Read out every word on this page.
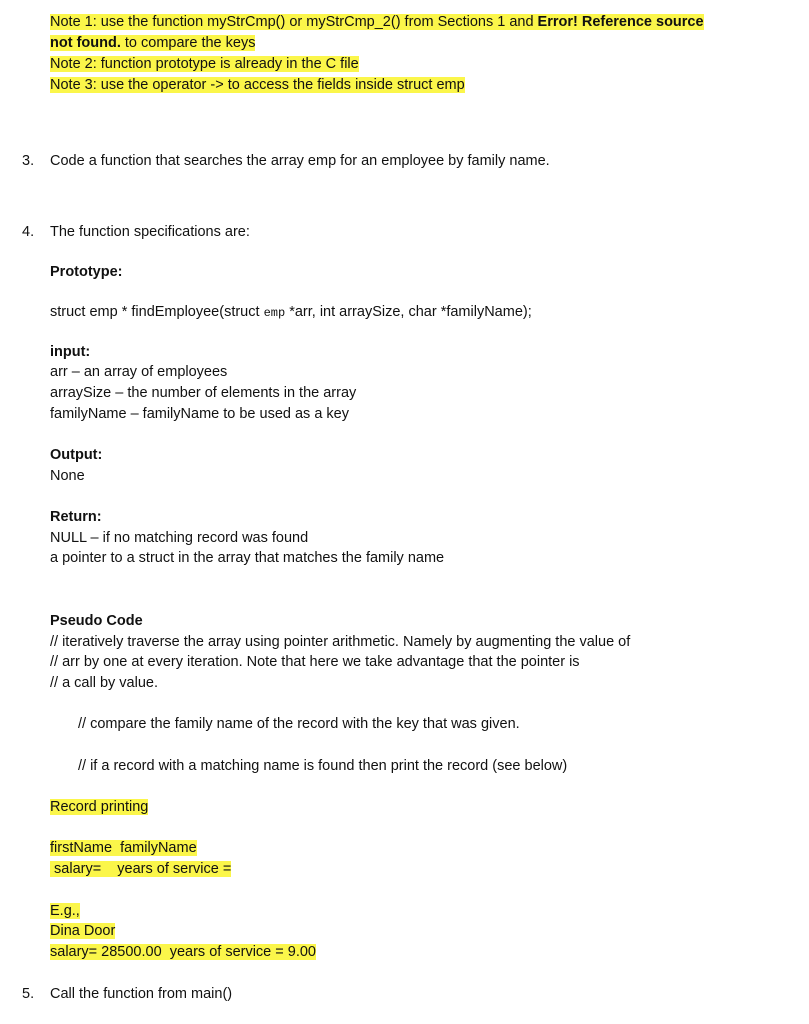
Note 1: use the function myStrCmp() or myStrCmp_2() from Sections 1 and Error! Reference source
not found. to compare the keys
Note 2: function prototype is already in the C file
Note 3: use the operator -> to access the fields inside struct emp
3. Code a function that searches the array emp for an employee by family name.
4. The function specifications are:
Prototype:
struct emp * findEmployee(struct emp *arr, int arraySize, char *familyName);
input:
arr – an array of employees
arraySize – the number of elements in the array
familyName – familyName to be used as a key
Output:
None
Return:
NULL – if no matching record was found
a pointer to a struct in the array that matches the family name
Pseudo Code
// iteratively traverse the array using pointer arithmetic. Namely by augmenting the value of
// arr by one at every iteration. Note that here we take advantage that the pointer is
// a call by value.
// compare the family name of the record with the key that was given.
// if a record with a matching name is found then print the record (see below)
Record printing
firstName  familyName
salary=    years of service =
E.g.,
Dina Door
salary= 28500.00  years of service = 9.00
5. Call the function from main()
